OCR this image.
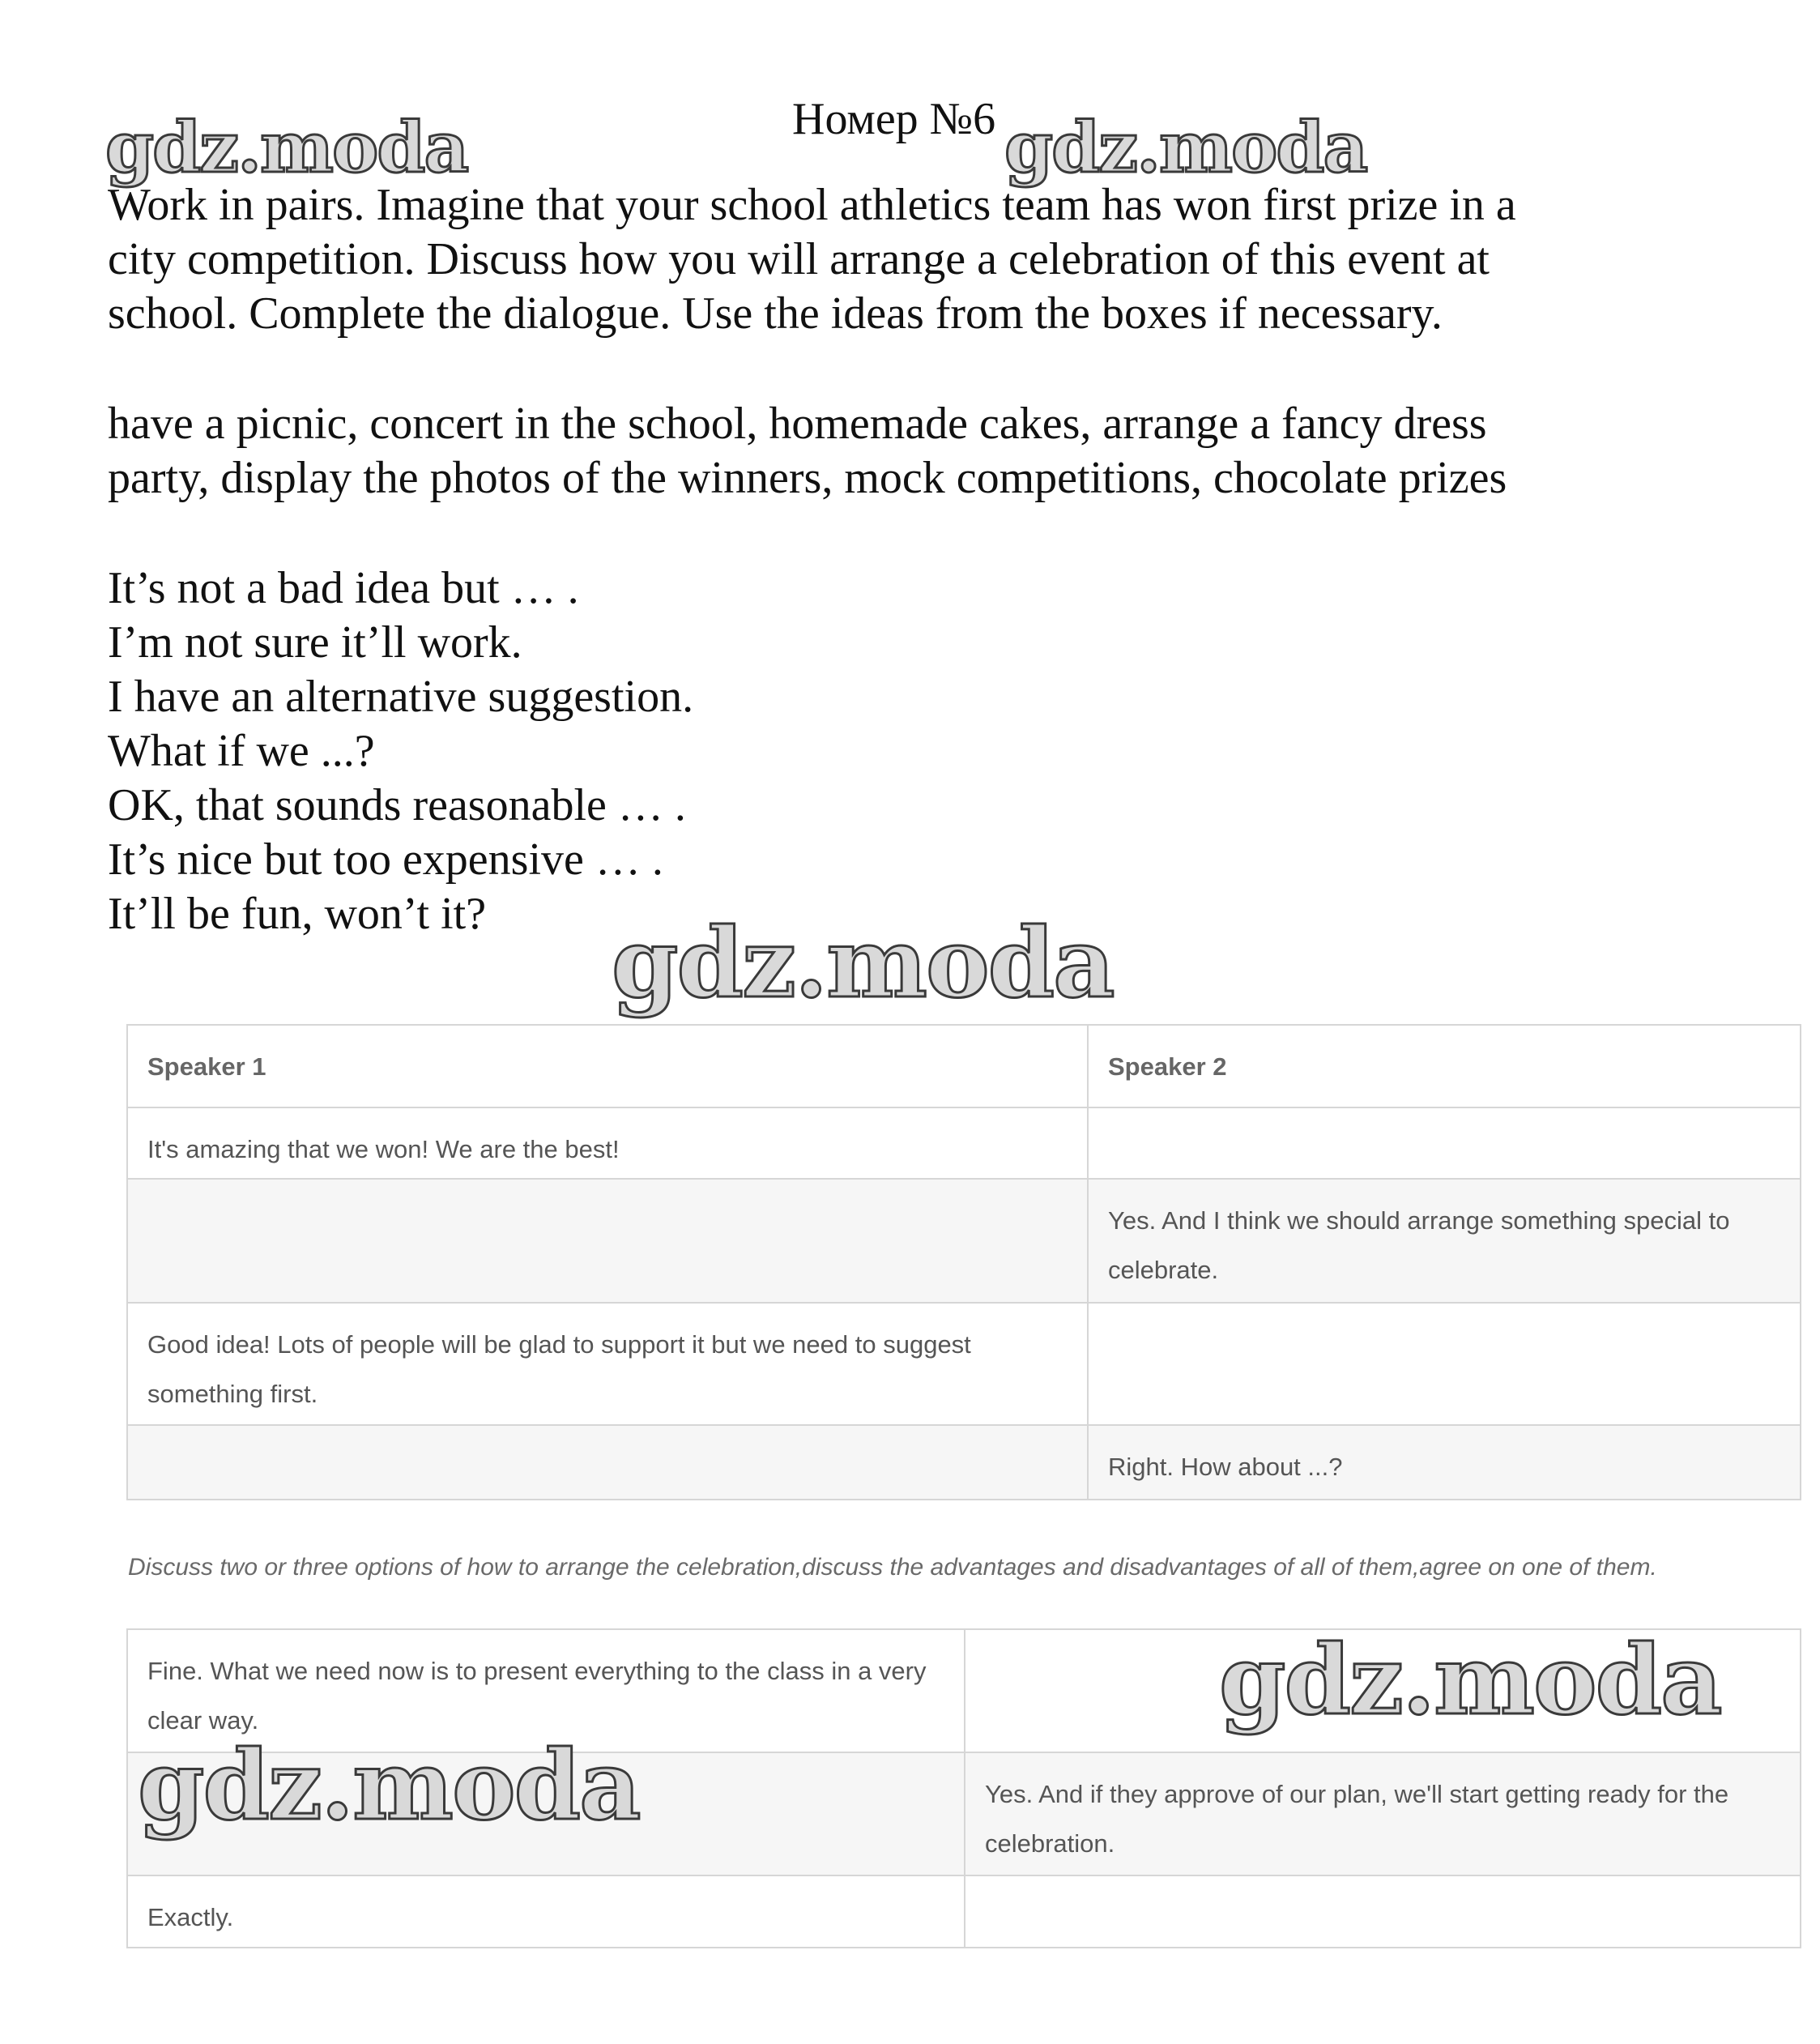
Номер №6

Work in pairs. Imagine that your school athletics team has won first prize in a

city competition. Discuss how you will arrange a celebration of this event at

school. Complete the dialogue. Use the ideas from the boxes if necessary.

have a picnic, concert in the school, homemade cakes, arrange a fancy dress

party, display the photos of the winners, mock competitions, chocolate prizes

It’s not a bad idea but … .

I’m not sure it’ll work.

I have an alternative suggestion.

What if we ...?

OK, that sounds reasonable … .

It’s nice but too expensive … .

It’ll be fun, won’t it?

Speaker 1	Speaker 2
It's amazing that we won! We are the best!	
	Yes. And I think we should arrange something special to celebrate.
Good idea! Lots of people will be glad to support it but we need to suggest something first.	
	Right. How about ...?
Discuss two or three options of how to arrange the celebration,discuss the advantages and disadvantages of all of them,agree on one of them.
Fine. What we need now is to present everything to the class in a very clear way.	
	Yes. And if they approve of our plan, we'll start getting ready for the celebration.
Exactly.	
gdz.moda	gdz.moda
gdz.moda
gdz.moda
gdz.moda
